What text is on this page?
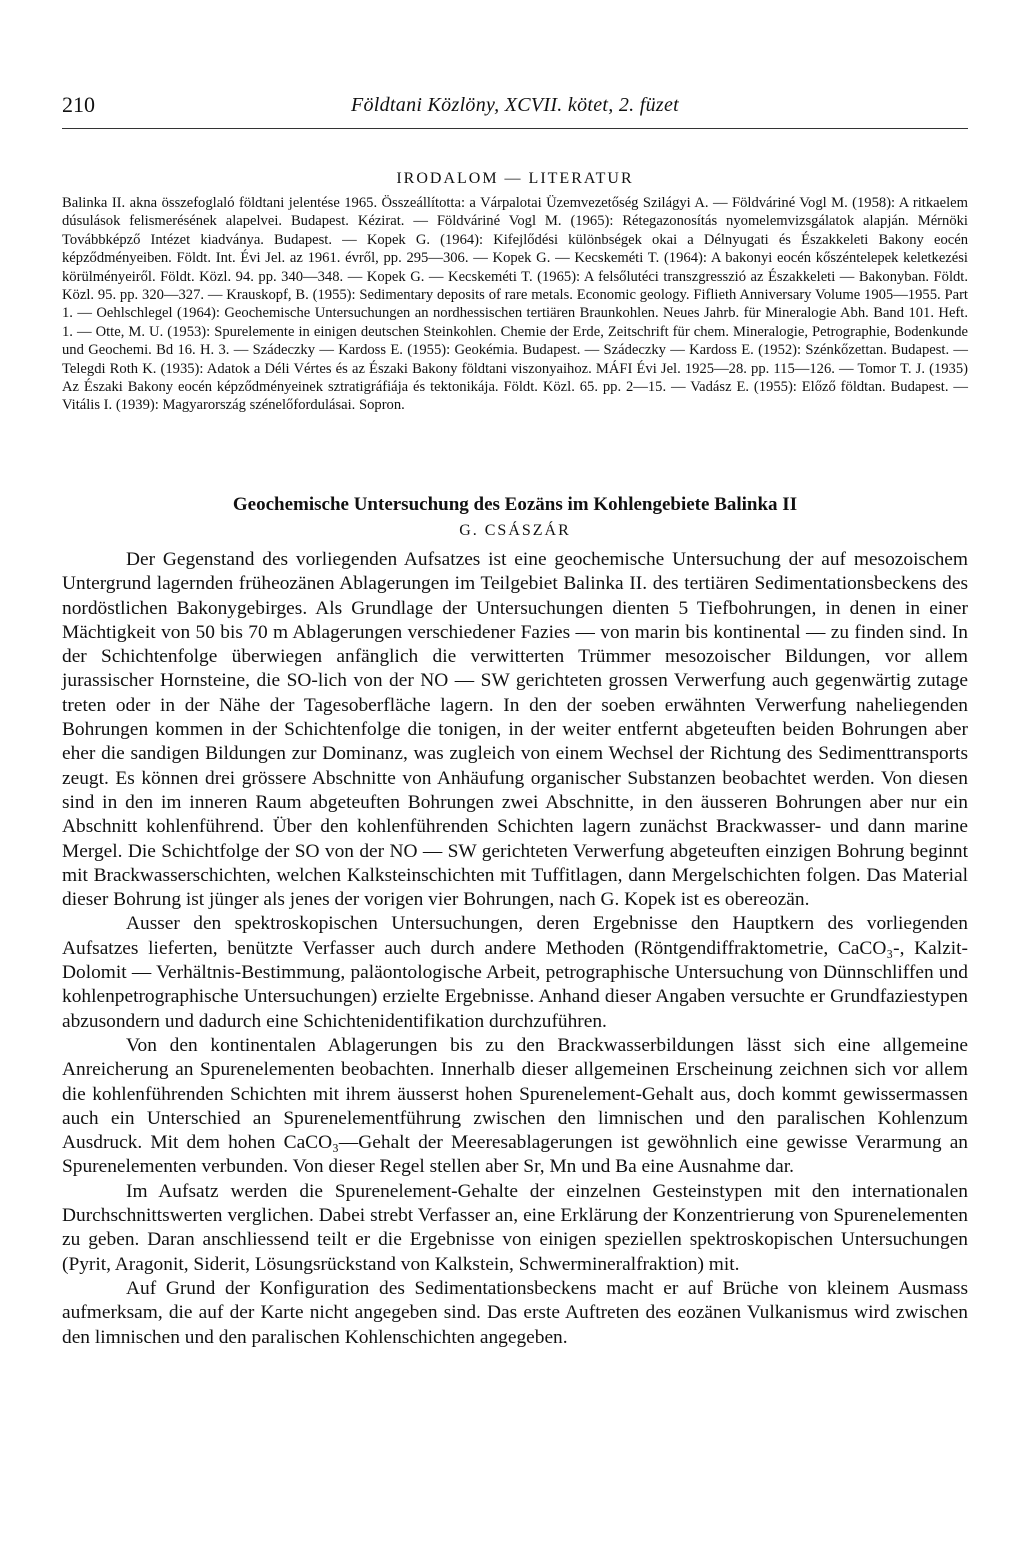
210	Földtani Közlöny, XCVII. kötet, 2. füzet
IRODALOM — LITERATUR

Balinka II. akna összefoglaló földtani jelentése 1965. Összeállította: a Várpalotai Üzemvezetőség Szilágyi A. — Földváriné Vogl M. (1958): A ritkaelem dúsulások felismerésének alapelvei. Budapest. Kézirat. — Földváriné Vogl M. (1965): Rétegazonosítás nyomelemvizsgálatok alapján. Mérnöki Továbbképző Intézet kiadványa. Budapest. — Kopek G. (1964): Kifejlődési különbségek okai a Délnyugati és Északkeleti Bakony eocén képződményeiben. Földt. Int. Évi Jel. az 1961. évről, pp. 295—306. — Kopek G. — Kecskeméti T. (1964): A bakonyi eocén kőszéntelepek keletkezési körülményeiről. Földt. Közl. 94. pp. 340—348. — Kopek G. — Kecskeméti T. (1965): A felsőlutéci transzgresszió az Északkeleti — Bakonyban. Földt. Közl. 95. pp. 320—327. — Krauskopf, B. (1955): Sedimentary deposits of rare metals. Economic geology. Fiflieth Anniversary Volume 1905—1955. Part 1. — Oehlschlegel (1964): Geochemische Untersuchungen an nordhessischen tertiären Braunkohlen. Neues Jahrb. für Mineralogie Abh. Band 101. Heft. 1. — Otte, M. U. (1953): Spurelemente in einigen deutschen Steinkohlen. Chemie der Erde, Zeitschrift für chem. Mineralogie, Petrographie, Bodenkunde und Geochemi. Bd 16. H. 3. — Szádeczky — Kardoss E. (1955): Geokémia. Budapest. — Szádeczky — Kardoss E. (1952): Szénkőzettan. Budapest. — Telegdi Roth K. (1935): Adatok a Déli Vértes és az Északi Bakony földtani viszonyaihoz. MÁFI Évi Jel. 1925—28. pp. 115—126. — Tomor T. J. (1935) Az Északi Bakony eocén képződményeinek sztratigráfiája és tektonikája. Földt. Közl. 65. pp. 2—15. — Vadász E. (1955): Előző földtan. Budapest. — Vitális I. (1939): Magyarország szénelőfordulásai. Sopron.

Geochemische Untersuchung des Eozäns im Kohlengebiete Balinka II
G. CSÁSZÁR

Der Gegenstand des vorliegenden Aufsatzes ist eine geochemische Untersuchung der auf mesozoischem Untergrund lagernden früheozänen Ablagerungen im Teilgebiet Balinka II. des tertiären Sedimentationsbeckens des nordöstlichen Bakonygebirges. Als Grundlage der Untersuchungen dienten 5 Tiefbohrungen, in denen in einer Mächtigkeit von 50 bis 70 m Ablagerungen verschiedener Fazies — von marin bis kontinental — zu finden sind. In der Schichtenfolge überwiegen anfänglich die verwitterten Trümmer mesozoischer Bildungen, vor allem jurassischer Hornsteine, die SO-lich von der NO — SW gerichteten grossen Verwerfung auch gegenwärtig zutage treten oder in der Nähe der Tagesoberfläche lagern. In den der soeben erwähnten Verwerfung naheliegenden Bohrungen kommen in der Schichtenfolge die tonigen, in der weiter entfernt abgeteuften beiden Bohrungen aber eher die sandigen Bildungen zur Dominanz, was zugleich von einem Wechsel der Richtung des Sedimenttransports zeugt. Es können drei grössere Abschnitte von Anhäufung organischer Substanzen beobachtet werden. Von diesen sind in den im inneren Raum abgeteuften Bohrungen zwei Abschnitte, in den äusseren Bohrungen aber nur ein Abschnitt kohlenführend. Über den kohlenführenden Schichten lagern zunächst Brackwasser- und dann marine Mergel. Die Schichtfolge der SO von der NO — SW gerichteten Verwerfung abgeteuften einzigen Bohrung beginnt mit Brackwasserschichten, welchen Kalksteinschichten mit Tuffitlagen, dann Mergelschichten folgen. Das Material dieser Bohrung ist jünger als jenes der vorigen vier Bohrungen, nach G. Kopek ist es obereozän.

Ausser den spektroskopischen Untersuchungen, deren Ergebnisse den Hauptkern des vorliegenden Aufsatzes lieferten, benützte Verfasser auch durch andere Methoden (Röntgendiffraktometrie, CaCO₃-, Kalzit-Dolomit — Verhältnis-Bestimmung, paläontologische Arbeit, petrographische Untersuchung von Dünnschliffen und kohlenpetrographische Untersuchungen) erzielte Ergebnisse. Anhand dieser Angaben versuchte er Grundfaziestypen abzusondern und dadurch eine Schichtenidentifikation durchzuführen.

Von den kontinentalen Ablagerungen bis zu den Brackwasserbildungen lässt sich eine allgemeine Anreicherung an Spurenelementen beobachten. Innerhalb dieser allgemeinen Erscheinung zeichnen sich vor allem die kohlenführenden Schichten mit ihrem äusserst hohen Spurenelement-Gehalt aus, doch kommt gewissermassen auch ein Unterschied an Spurenelementführung zwischen den limnischen und den paralischen Kohlenzum Ausdruck. Mit dem hohen CaCO₃—Gehalt der Meeresablagerungen ist gewöhnlich eine gewisse Verarmung an Spurenelementen verbunden. Von dieser Regel stellen aber Sr, Mn und Ba eine Ausnahme dar.

Im Aufsatz werden die Spurenelement-Gehalte der einzelnen Gesteinstypen mit den internationalen Durchschnittswerten verglichen. Dabei strebt Verfasser an, eine Erklärung der Konzentrierung von Spurenelementen zu geben. Daran anschliessend teilt er die Ergebnisse von einigen speziellen spektroskopischen Untersuchungen (Pyrit, Aragonit, Siderit, Lösungsrückstand von Kalkstein, Schwermineralfraktion) mit.

Auf Grund der Konfiguration des Sedimentationsbeckens macht er auf Brüche von kleinem Ausmass aufmerksam, die auf der Karte nicht angegeben sind. Das erste Auftreten des eozänen Vulkanismus wird zwischen den limnischen und den paralischen Kohlenschichten angegeben.
